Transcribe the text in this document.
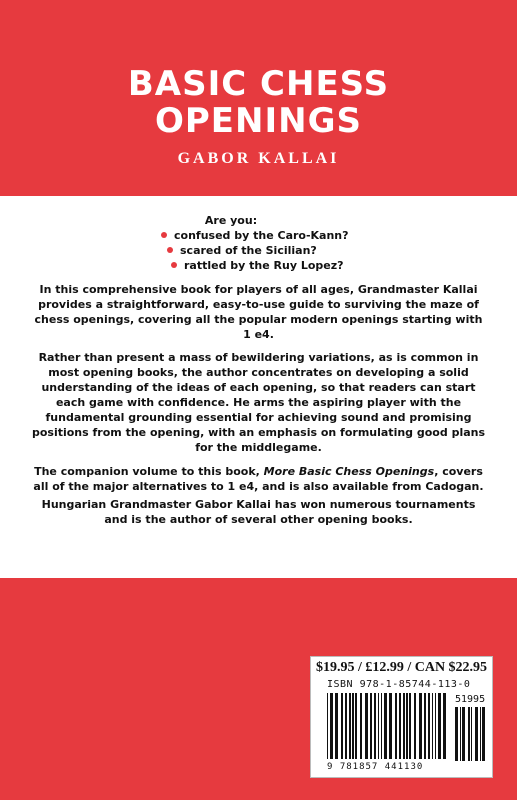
BASIC CHESS
OPENINGS
GABOR KALLAI
Are you:
confused by the Caro-Kann?
scared of the Sicilian?
rattled by the Ruy Lopez?
In this comprehensive book for players of all ages, Grandmaster Kallai provides a straightforward, easy-to-use guide to surviving the maze of chess openings, covering all the popular modern openings starting with 1 e4.
Rather than present a mass of bewildering variations, as is common in most opening books, the author concentrates on developing a solid understanding of the ideas of each opening, so that readers can start each game with confidence. He arms the aspiring player with the fundamental grounding essential for achieving sound and promising positions from the opening, with an emphasis on formulating good plans for the middlegame.
The companion volume to this book, More Basic Chess Openings, covers all of the major alternatives to 1 e4, and is also available from Cadogan.
Hungarian Grandmaster Gabor Kallai has won numerous tournaments and is the author of several other opening books.
$19.95 / £12.99 / CAN $22.95
ISBN 978-1-85744-113-0
51995
9 781857 441130
